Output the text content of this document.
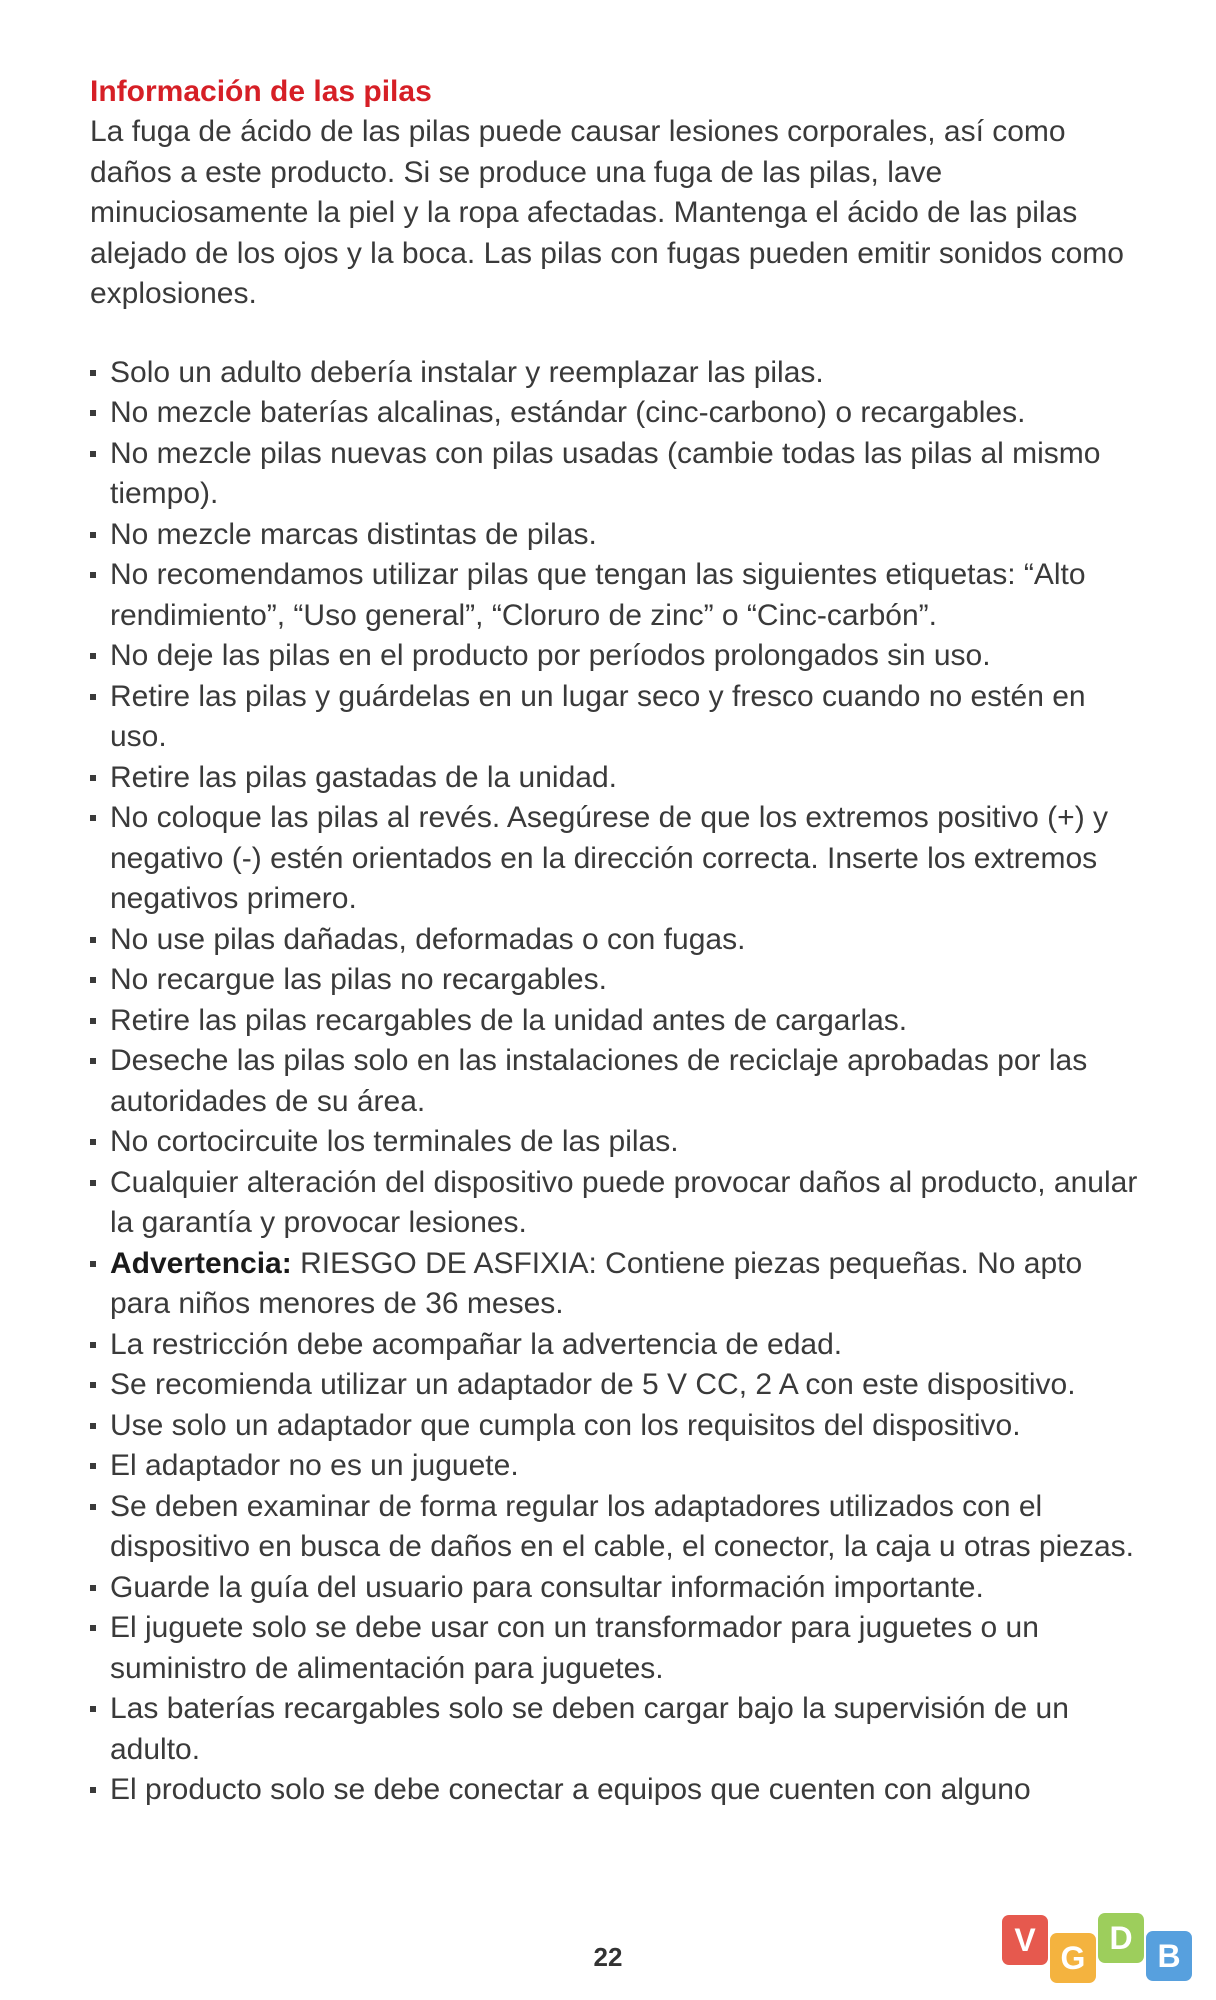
Información de las pilas

La fuga de ácido de las pilas puede causar lesiones corporales, así como daños a este producto. Si se produce una fuga de las pilas, lave minuciosamente la piel y la ropa afectadas. Mantenga el ácido de las pilas alejado de los ojos y la boca. Las pilas con fugas pueden emitir sonidos como explosiones.

Solo un adulto debería instalar y reemplazar las pilas.
No mezcle baterías alcalinas, estándar (cinc-carbono) o recargables.
No mezcle pilas nuevas con pilas usadas (cambie todas las pilas al mismo tiempo).
No mezcle marcas distintas de pilas.
No recomendamos utilizar pilas que tengan las siguientes etiquetas: “Alto rendimiento”, “Uso general”, “Cloruro de zinc” o “Cinc-carbón”.
No deje las pilas en el producto por períodos prolongados sin uso.
Retire las pilas y guárdelas en un lugar seco y fresco cuando no estén en uso.
Retire las pilas gastadas de la unidad.
No coloque las pilas al revés. Asegúrese de que los extremos positivo (+) y negativo (-) estén orientados en la dirección correcta. Inserte los extremos negativos primero.
No use pilas dañadas, deformadas o con fugas.
No recargue las pilas no recargables.
Retire las pilas recargables de la unidad antes de cargarlas.
Deseche las pilas solo en las instalaciones de reciclaje aprobadas por las autoridades de su área.
No cortocircuite los terminales de las pilas.
Cualquier alteración del dispositivo puede provocar daños al producto, anular la garantía y provocar lesiones.
Advertencia: RIESGO DE ASFIXIA: Contiene piezas pequeñas. No apto para niños menores de 36 meses.
La restricción debe acompañar la advertencia de edad.
Se recomienda utilizar un adaptador de 5 V CC, 2 A con este dispositivo.
Use solo un adaptador que cumpla con los requisitos del dispositivo.
El adaptador no es un juguete.
Se deben examinar de forma regular los adaptadores utilizados con el dispositivo en busca de daños en el cable, el conector, la caja u otras piezas.
Guarde la guía del usuario para consultar información importante.
El juguete solo se debe usar con un transformador para juguetes o un suministro de alimentación para juguetes.
Las baterías recargables solo se deben cargar bajo la supervisión de un adulto.
El producto solo se debe conectar a equipos que cuenten con alguno
22	V G
D B
